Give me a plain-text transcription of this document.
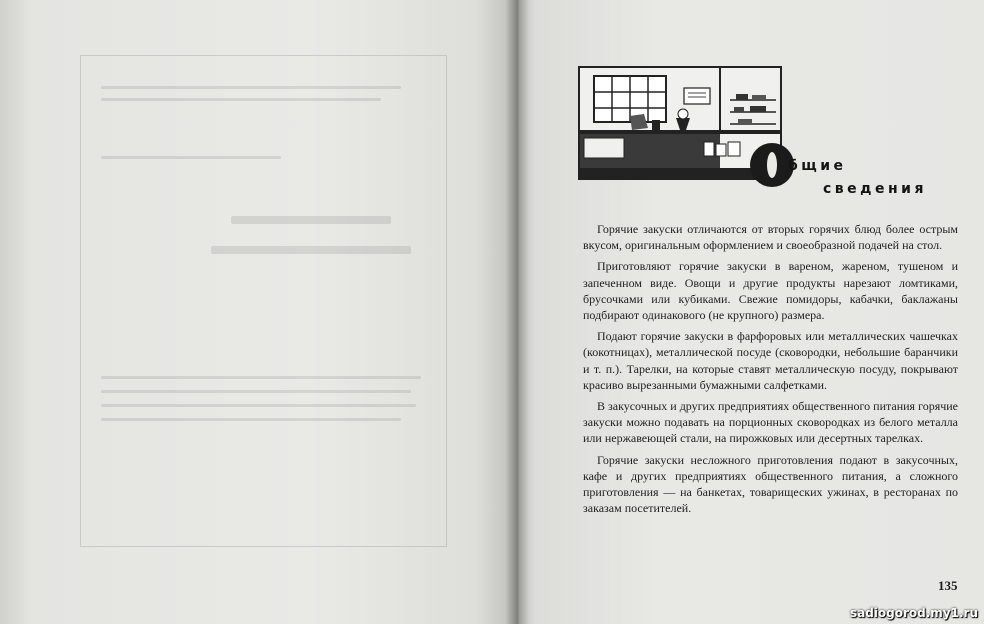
бщие
сведения

Горячие закуски отличаются от вторых горячих блюд более острым вкусом, оригинальным оформлением и своеобразной подачей на стол.

Приготовляют горячие закуски в вареном, жареном, тушеном и запеченном виде. Овощи и другие продукты нарезают ломтиками, брусочками или кубиками. Свежие помидоры, кабачки, баклажаны подбирают одинакового (не крупного) размера.

Подают горячие закуски в фарфоровых или металлических чашечках (кокотницах), металлической посуде (сковородки, небольшие баранчики и т. п.). Тарелки, на которые ставят металлическую посуду, покрывают красиво вырезанными бумажными салфетками.

В закусочных и других предприятиях общественного питания горячие закуски можно подавать на порционных сковородках из белого металла или нержавеющей стали, на пирожковых или десертных тарелках.

Горячие закуски несложного приготовления подают в закусочных, кафе и других предприятиях общественного питания, а сложного приготовления — на банкетах, товарищеских ужинах, в ресторанах по заказам посетителей.

135
sadiogorod.my1.ru
